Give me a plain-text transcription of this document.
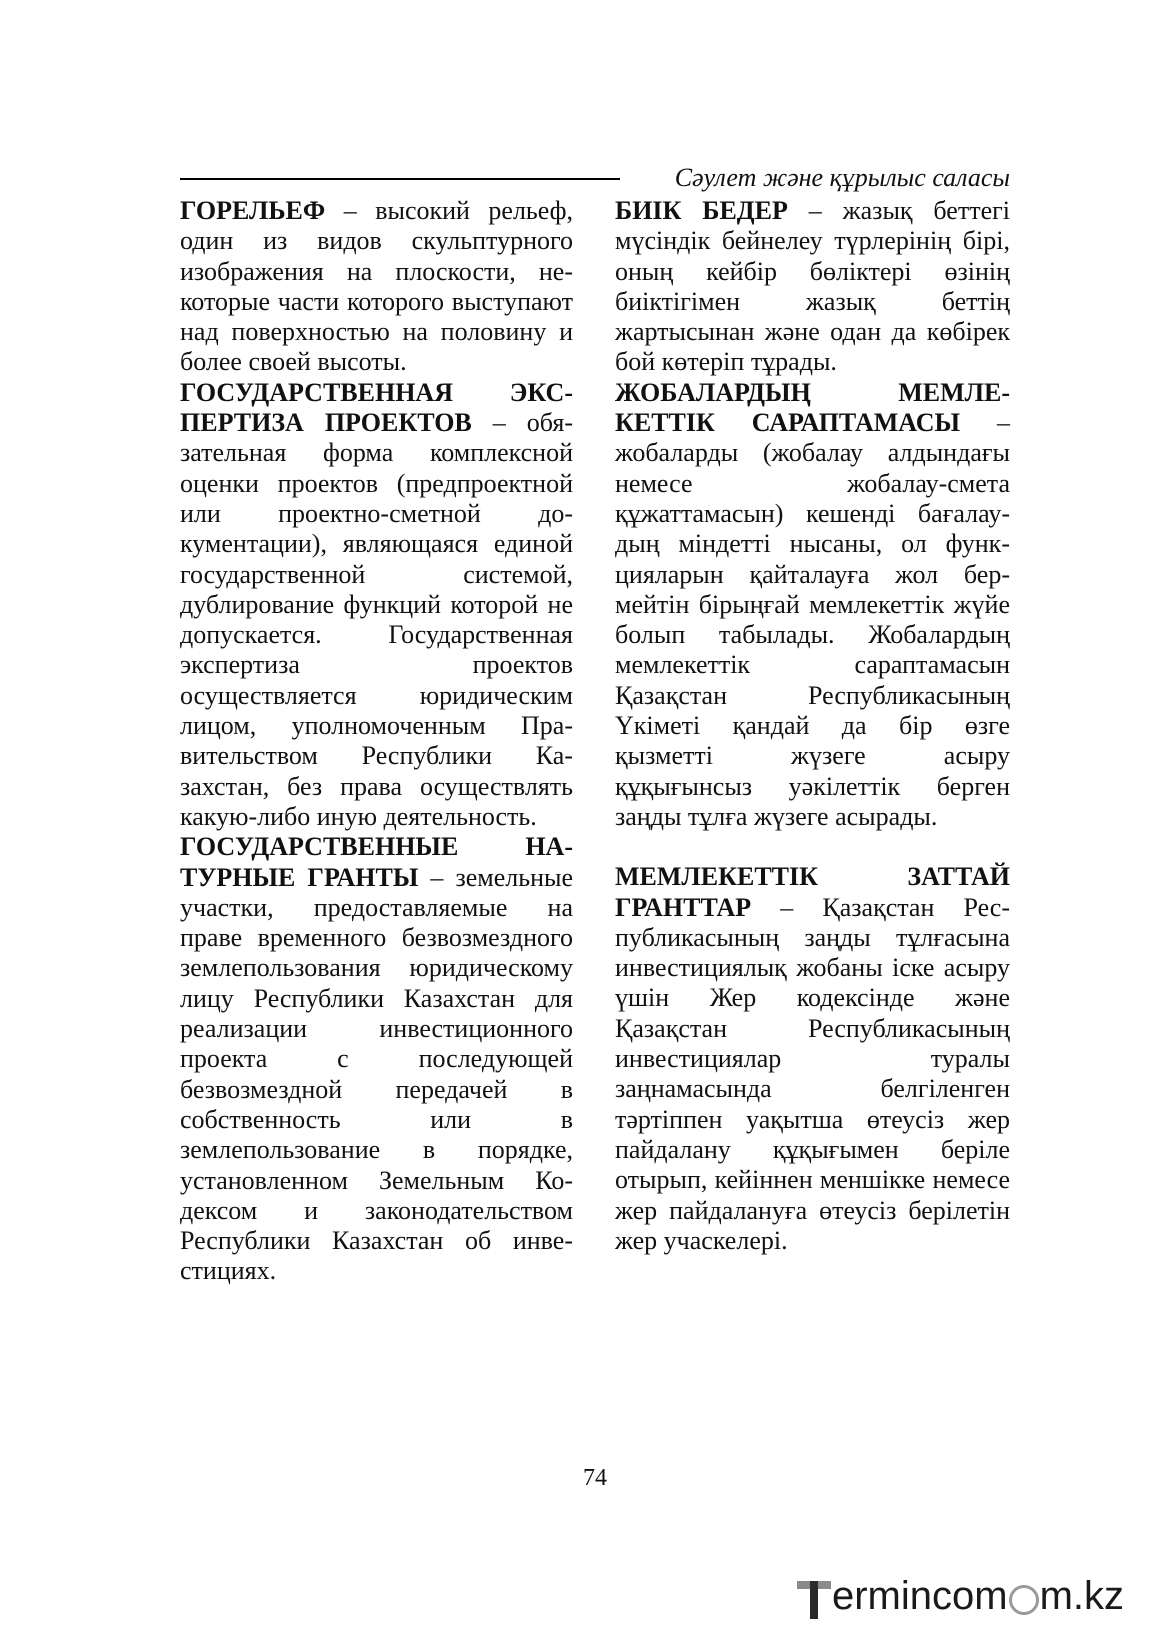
Сәулет және құрылыс саласы

ГОРЕЛЬЕФ – высокий рельеф, один из видов скульптурного изображения на плоскости, некоторые части которого выступают над поверхностью на половину и более своей высоты.

ГОСУДАРСТВЕННАЯ ЭКСПЕРТИЗА ПРОЕКТОВ – обязательная форма комплексной оценки проектов (предпроектной или проектно-сметной документации), являющаяся единой государственной системой, дублирование функций которой не допускается. Государственная экспертиза проектов осуществляется юридическим лицом, уполномоченным Правительством Республики Казахстан, без права осуществлять какую-либо иную деятельность.

ГОСУДАРСТВЕННЫЕ НАТУРНЫЕ ГРАНТЫ – земельные участки, предоставляемые на праве временного безвозмездного землепользования юридическому лицу Республики Казахстан для реализации инвестиционного проекта с последующей безвозмездной передачей в собственность или в землепользование в порядке, установленном Земельным Кодексом и законодательством Республики Казахстан об инвестициях.

БИІК БЕДЕР – жазық беттегі мүсіндік бейнелеу түрлерінің бірі, оның кейбір бөліктері өзінің биіктігімен жазық беттің жартысынан және одан да көбірек бой көтеріп тұрады.

ЖОБАЛАРДЫҢ МЕМЛЕКЕТТІК САРАПТАМАСЫ – жобаларды (жобалау алдындағы немесе жобалау-смета құжаттамасын) кешенді бағалаудың міндетті нысаны, ол функцияларын қайталауға жол бермейтін бірыңғай мемлекеттік жүйе болып табылады. Жобалардың мемлекеттік сараптамасын Қазақстан Республикасының Үкіметі қандай да бір өзге қызметті жүзеге асыру құқығынсыз уәкілеттік берген заңды тұлға жүзеге асырады.

МЕМЛЕКЕТТІК ЗАТТАЙ ГРАНТТАР – Қазақстан Республикасының заңды тұлғасына инвестициялық жобаны іске асыру үшін Жер кодексінде және Қазақстан Республикасының инвестициялар туралы заңнамасында белгіленген тәртіппен уақытша өтеусіз жер пайдалану құқығымен беріле отырып, кейіннен меншікке немесе жер пайдалануға өтеусіз берілетін жер учаскелері.

74
ermincom m.kz
